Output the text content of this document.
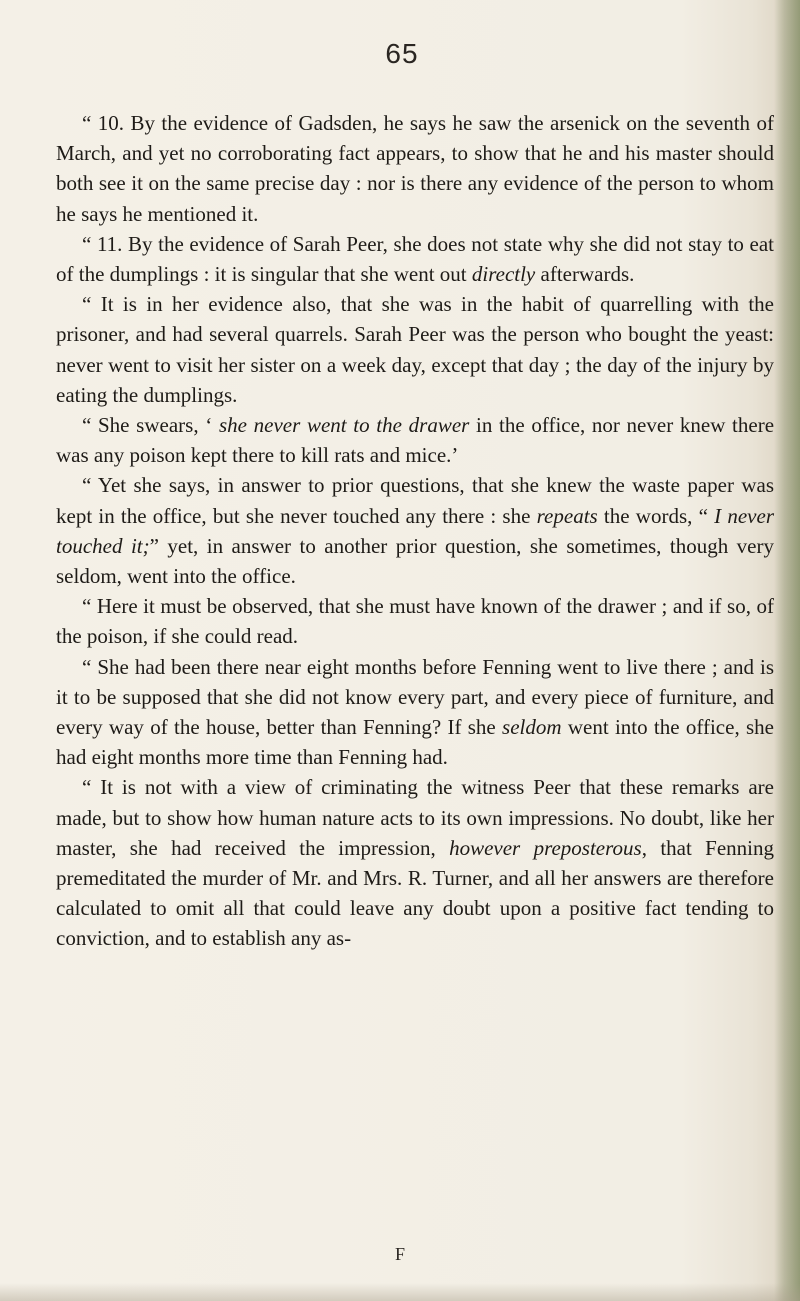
65

“ 10. By the evidence of Gadsden, he says he saw the arsenick on the seventh of March, and yet no corroborating fact appears, to show that he and his master should both see it on the same precise day : nor is there any evidence of the person to whom he says he mentioned it.

“ 11. By the evidence of Sarah Peer, she does not state why she did not stay to eat of the dumplings : it is singular that she went out directly afterwards.

“ It is in her evidence also, that she was in the habit of quarrelling with the prisoner, and had several quarrels. Sarah Peer was the person who bought the yeast: never went to visit her sister on a week day, except that day ; the day of the injury by eating the dumplings.

“ She swears, ‘ she never went to the drawer in the office, nor never knew there was any poison kept there to kill rats and mice.’

“ Yet she says, in answer to prior questions, that she knew the waste paper was kept in the office, but she never touched any there : she repeats the words, “ I never touched it;” yet, in answer to another prior question, she sometimes, though very seldom, went into the office.

“ Here it must be observed, that she must have known of the drawer ; and if so, of the poison, if she could read.

“ She had been there near eight months before Fenning went to live there ; and is it to be supposed that she did not know every part, and every piece of furniture, and every way of the house, better than Fenning? If she seldom went into the office, she had eight months more time than Fenning had.

“ It is not with a view of criminating the witness Peer that these remarks are made, but to show how human nature acts to its own impressions. No doubt, like her master, she had received the impression, however preposterous, that Fenning premeditated the murder of Mr. and Mrs. R. Turner, and all her answers are therefore calculated to omit all that could leave any doubt upon a positive fact tending to conviction, and to establish any as-

F
